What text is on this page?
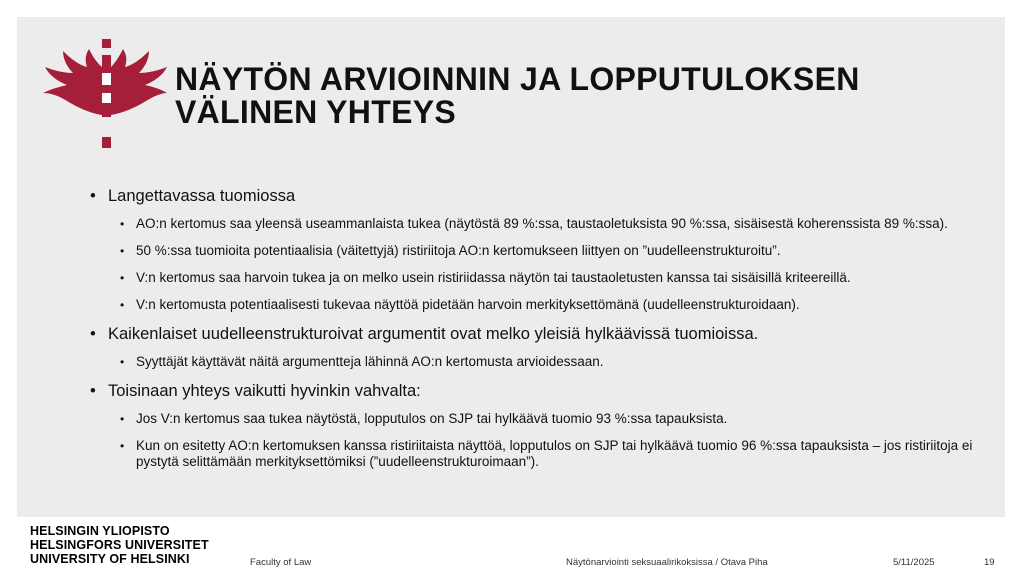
NÄYTÖN ARVIOINNIN JA LOPPUTULOKSEN
VÄLINEN YHTEYS
• Langettavassa tuomiossa
• AO:n kertomus saa yleensä useammanlaista tukea (näytöstä 89 %:ssa, taustaoletuksista 90 %:ssa, sisäisestä koherenssista 89 %:ssa).
• 50 %:ssa tuomioita potentiaalisia (väitettyjä) ristiriitoja AO:n kertomukseen liittyen on ”uudelleenstrukturoitu”.
• V:n kertomus saa harvoin tukea ja on melko usein ristiriidassa näytön tai taustaoletusten kanssa tai sisäisillä kriteereillä.
• V:n kertomusta potentiaalisesti tukevaa näyttöä pidetään harvoin merkityksettömänä (uudelleenstrukturoidaan).
• Kaikenlaiset uudelleenstrukturoivat argumentit ovat melko yleisiä hylkäävissä tuomioissa.
• Syyttäjät käyttävät näitä argumentteja lähinnä AO:n kertomusta arvioidessaan.
• Toisinaan yhteys vaikutti hyvinkin vahvalta:
• Jos V:n kertomus saa tukea näytöstä, lopputulos on SJP tai hylkäävä tuomio 93 %:ssa tapauksista.
• Kun on esitetty AO:n kertomuksen kanssa ristiriitaista näyttöä, lopputulos on SJP tai hylkäävä tuomio 96 %:ssa tapauksista – jos ristiriitoja ei pystytä selittämään merkityksettömiksi (”uudelleenstrukturoimaan”).
HELSINGIN YLIOPISTO
HELSINGFORS UNIVERSITET
UNIVERSITY OF HELSINKI	Faculty of Law	Näytönarviointi seksuaalirikoksissa / Otava Piha	5/11/2025	19
